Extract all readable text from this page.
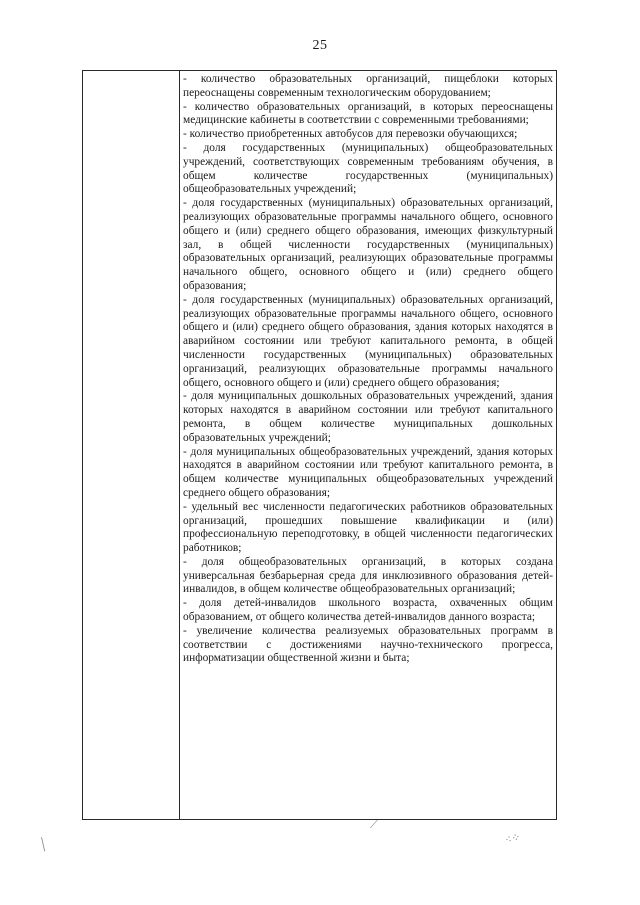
25

- количество образовательных организаций, пищеблоки которых переоснащены современным технологическим оборудованием;

- количество образовательных организаций, в которых переоснащены медицинские кабинеты в соответствии с современными требованиями;

- количество приобретенных автобусов для перевозки обучающихся;

- доля государственных (муниципальных) общеобразовательных учреждений, соответствующих современным требованиям обучения, в общем количестве государственных (муниципальных) общеобразовательных учреждений;

- доля государственных (муниципальных) образовательных организаций, реализующих образовательные программы начального общего, основного общего и (или) среднего общего образования, имеющих физкультурный зал, в общей численности государственных (муниципальных) образовательных организаций, реализующих образовательные программы начального общего, основного общего и (или) среднего общего образования;

- доля государственных (муниципальных) образовательных организаций, реализующих образовательные программы начального общего, основного общего и (или) среднего общего образования, здания которых находятся в аварийном состоянии или требуют капитального ремонта, в общей численности государственных (муниципальных) образовательных организаций, реализующих образовательные программы начального общего, основного общего и (или) среднего общего образования;

- доля муниципальных дошкольных образовательных учреждений, здания которых находятся в аварийном состоянии или требуют капитального ремонта, в общем количестве муниципальных дошкольных образовательных учреждений;

- доля муниципальных общеобразовательных учреждений, здания которых находятся в аварийном состоянии или требуют капитального ремонта, в общем количестве муниципальных общеобразовательных учреждений среднего общего образования;

- удельный вес численности педагогических работников образовательных организаций, прошедших повышение квалификации и (или) профессиональную переподготовку, в общей численности педагогических работников;

- доля общеобразовательных организаций, в которых создана универсальная безбарьерная среда для инклюзивного образования детей-инвалидов, в общем количестве общеобразовательных организаций;

- доля детей-инвалидов школьного возраста, охваченных общим образованием, от общего количества детей-инвалидов данного возраста;

- увеличение количества реализуемых образовательных программ в соответствии с достижениями научно-технического прогресса, информатизации общественной жизни и быта;

⟋
╱	⁖⁘
